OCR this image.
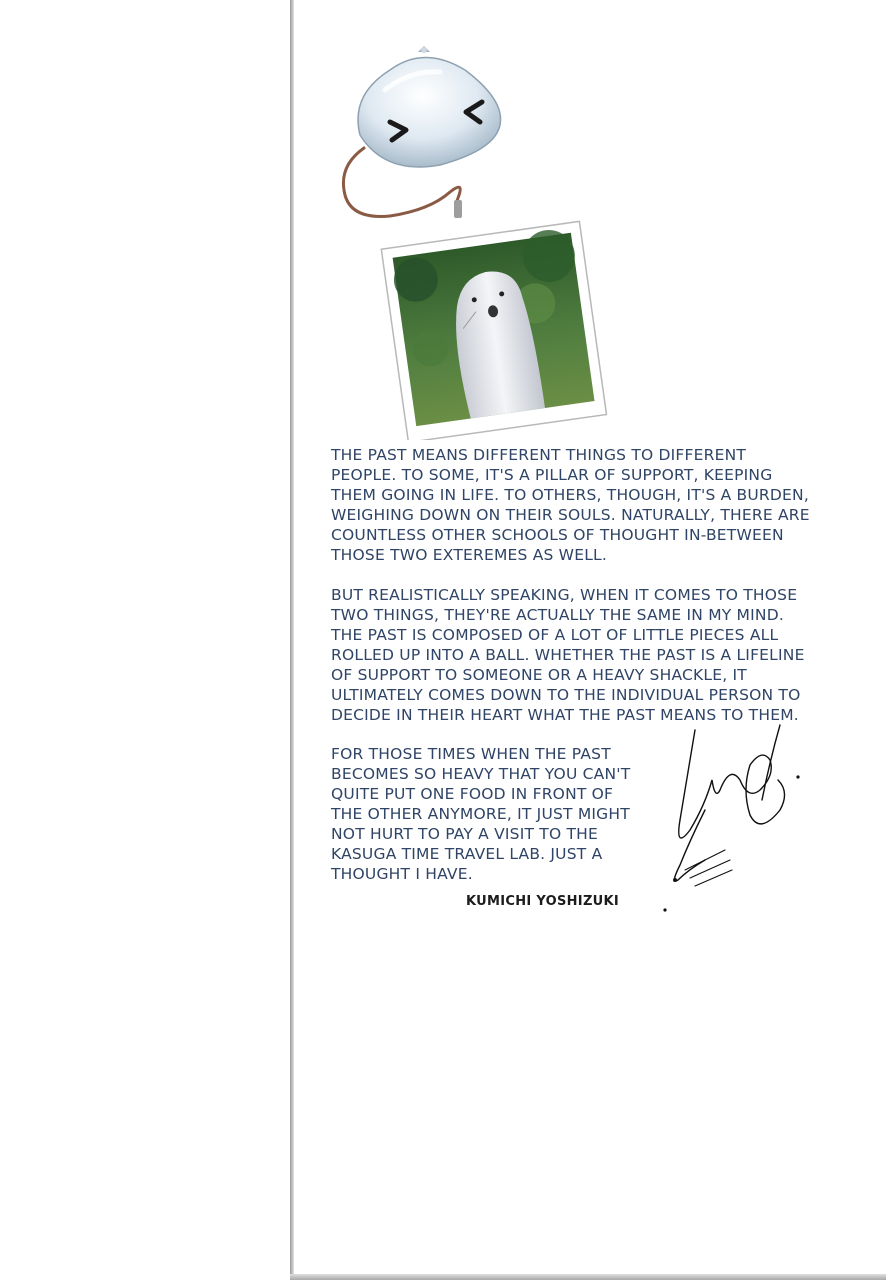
THE PAST MEANS DIFFERENT THINGS TO DIFFERENT
PEOPLE. TO SOME, IT'S A PILLAR OF SUPPORT, KEEPING
THEM GOING IN LIFE. TO OTHERS, THOUGH, IT'S A BURDEN,
WEIGHING DOWN ON THEIR SOULS. NATURALLY, THERE ARE
COUNTLESS OTHER SCHOOLS OF THOUGHT IN-BETWEEN
THOSE TWO EXTEREMES AS WELL.

BUT REALISTICALLY SPEAKING, WHEN IT COMES TO THOSE
TWO THINGS, THEY'RE ACTUALLY THE SAME IN MY MIND.
THE PAST IS COMPOSED OF A LOT OF LITTLE PIECES ALL
ROLLED UP INTO A BALL. WHETHER THE PAST IS A LIFELINE
OF SUPPORT TO SOMEONE OR A HEAVY SHACKLE, IT
ULTIMATELY COMES DOWN TO THE INDIVIDUAL PERSON TO
DECIDE IN THEIR HEART WHAT THE PAST MEANS TO THEM.

FOR THOSE TIMES WHEN THE PAST
BECOMES SO HEAVY THAT YOU CAN'T
QUITE PUT ONE FOOD IN FRONT OF
THE OTHER ANYMORE, IT JUST MIGHT
NOT HURT TO PAY A VISIT TO THE
KASUGA TIME TRAVEL LAB. JUST A
THOUGHT I HAVE.

KUMICHI YOSHIZUKI
